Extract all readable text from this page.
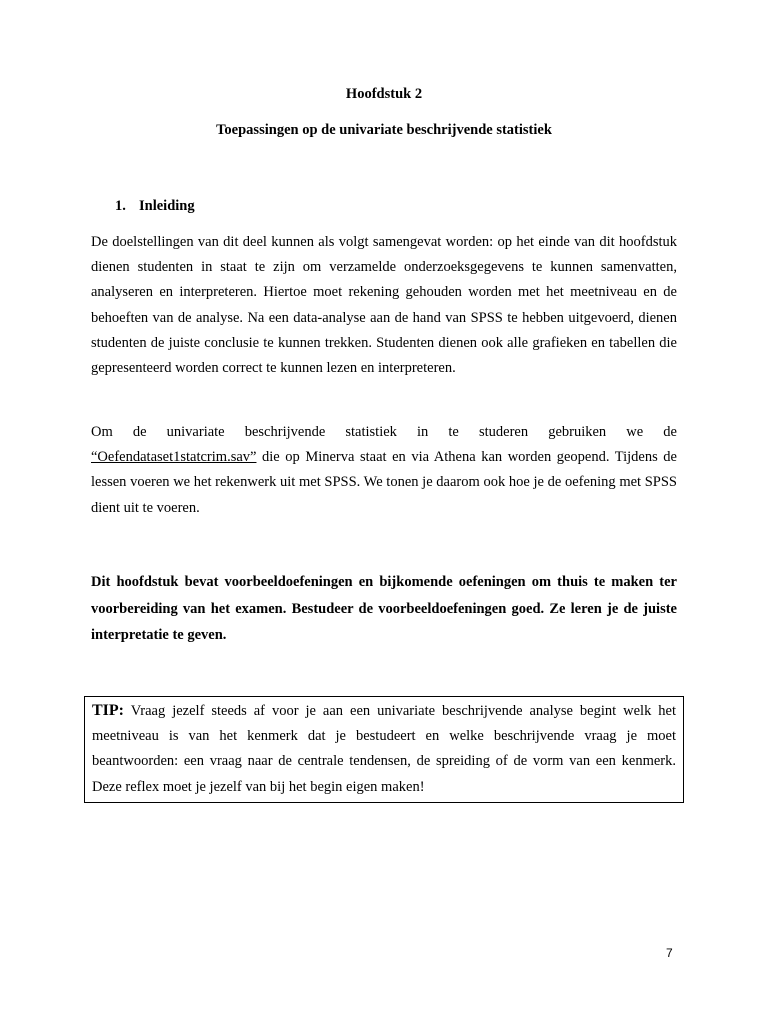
Hoofdstuk 2
Toepassingen op de univariate beschrijvende statistiek
1. Inleiding

De doelstellingen van dit deel kunnen als volgt samengevat worden: op het einde van dit hoofdstuk dienen studenten in staat te zijn om verzamelde onderzoeksgegevens te kunnen samenvatten, analyseren en interpreteren. Hiertoe moet rekening gehouden worden met het meetniveau en de behoeften van de analyse. Na een data-analyse aan de hand van SPSS te hebben uitgevoerd, dienen studenten de juiste conclusie te kunnen trekken. Studenten dienen ook alle grafieken en tabellen die gepresenteerd worden correct te kunnen lezen en interpreteren.

Om de univariate beschrijvende statistiek in te studeren gebruiken we de “Oefendataset1statcrim.sav” die op Minerva staat en via Athena kan worden geopend. Tijdens de lessen voeren we het rekenwerk uit met SPSS. We tonen je daarom ook hoe je de oefening met SPSS dient uit te voeren.

Dit hoofdstuk bevat voorbeeldoefeningen en bijkomende oefeningen om thuis te maken ter voorbereiding van het examen. Bestudeer de voorbeeldoefeningen goed. Ze leren je de juiste interpretatie te geven.

TIP: Vraag jezelf steeds af voor je aan een univariate beschrijvende analyse begint welk het meetniveau is van het kenmerk dat je bestudeert en welke beschrijvende vraag je moet beantwoorden: een vraag naar de centrale tendensen, de spreiding of de vorm van een kenmerk. Deze reflex moet je jezelf van bij het begin eigen maken!

7
